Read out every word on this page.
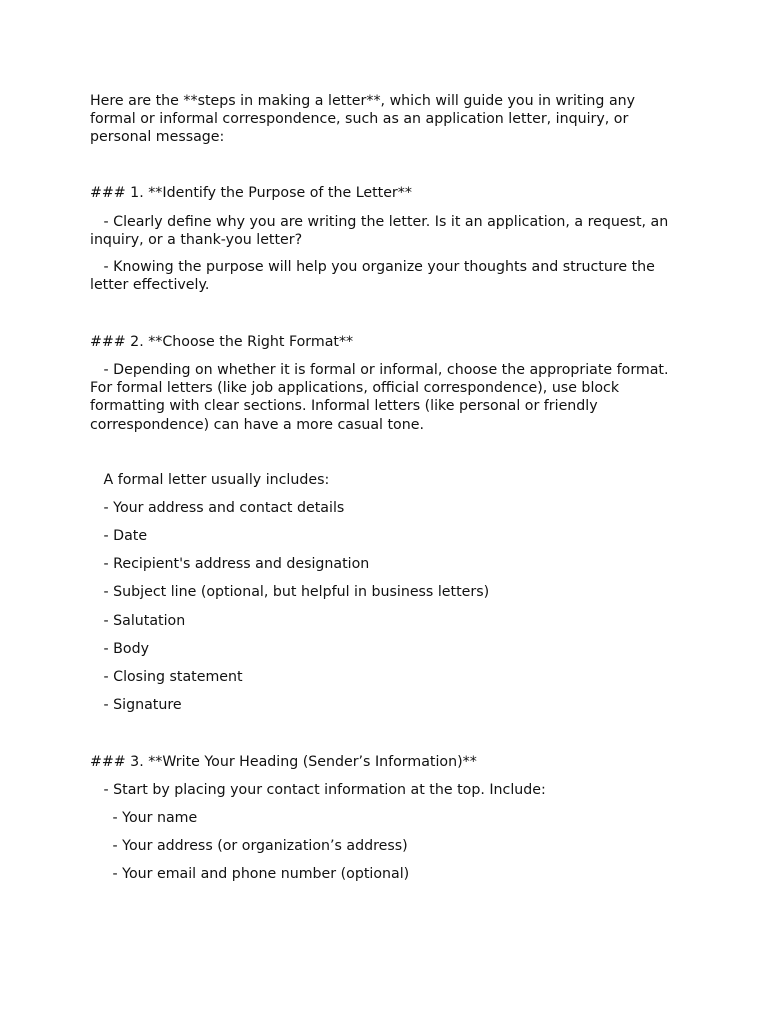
Here are the **steps in making a letter**, which will guide you in writing any formal or informal correspondence, such as an application letter, inquiry, or personal message:

### 1. **Identify the Purpose of the Letter**

- Clearly define why you are writing the letter. Is it an application, a request, an inquiry, or a thank-you letter?

- Knowing the purpose will help you organize your thoughts and structure the letter effectively.

### 2. **Choose the Right Format**

- Depending on whether it is formal or informal, choose the appropriate format. For formal letters (like job applications, official correspondence), use block formatting with clear sections. Informal letters (like personal or friendly correspondence) can have a more casual tone.

A formal letter usually includes:

- Your address and contact details

- Date

- Recipient's address and designation

- Subject line (optional, but helpful in business letters)

- Salutation

- Body

- Closing statement

- Signature

### 3. **Write Your Heading (Sender’s Information)**

- Start by placing your contact information at the top. Include:

- Your name

- Your address (or organization’s address)

- Your email and phone number (optional)
